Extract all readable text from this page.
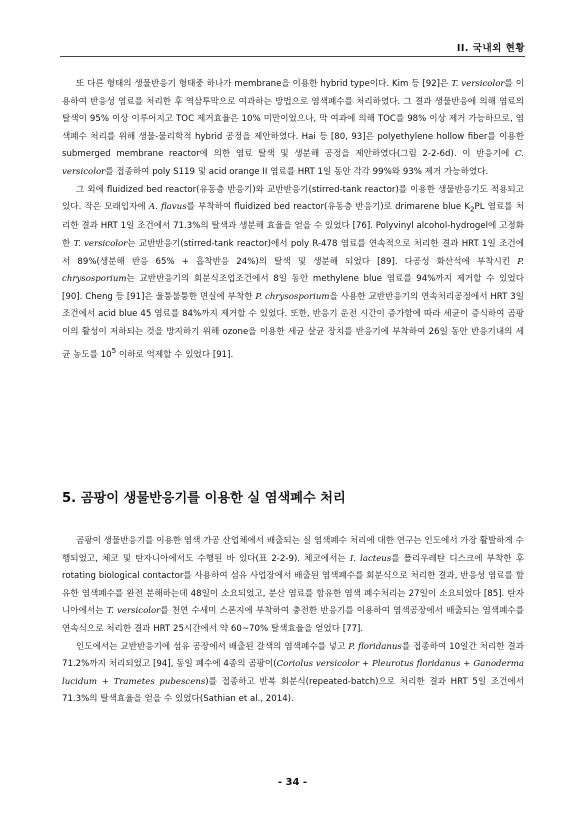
II. 국내외 현황

또 다른 형태의 생물반응기 형태중 하나가 membrane을 이용한 hybrid type이다. Kim 등 [92]은 T. versicolor를 이용하여 반응성 염료를 처리한 후 역삼투막으로 여과하는 방법으로 염색폐수를 처리하였다. 그 결과 생물반응에 의해 염료의 탈색이 95% 이상 이루어지고 TOC 제거효율은 10% 미만이었으나, 막 여과에 의해 TOC를 98% 이상 제거 가능하므로, 염색폐수 처리를 위해 생물-물리학적 hybrid 공정을 제안하였다. Hai 등 [80, 93]은 polyethylene hollow fiber를 이용한 submerged membrane reactor에 의한 염료 탈색 및 생분해 공정을 제안하였다(그림 2-2-6d). 이 반응기에 C. versicolor를 접종하여 poly S119 및 acid orange II 염료를 HRT 1일 동안 각각 99%와 93% 제거 가능하였다.

그 외에 fluidized bed reactor(유동층 반응기)와 교반반응기(stirred-tank reactor)를 이용한 생물반응기도 적용되고 있다. 작은 모래입자에 A. flavus를 부착하여 fluidized bed reactor(유동층 반응기)로 drimarene blue $K_2PL$ 염료를 처리한 결과 HRT 1일 조건에서 71.3%의 탈색과 생분해 효율을 얻을 수 있었다 [76]. Polyvinyl alcohol-hydrogel에 고정화한 T. versicolor는 교반반응기(stirred-tank reactor)에서 poly R-478 염료를 연속적으로 처리한 결과 HRT 1일 조건에서 89%(생분해 반응 65% + 흡착반응 24%)의 탈색 및 생분해 되었다 [89]. 다공성 화산석에 부착시킨 P. chrysosporium는 교반반응기의 회분식조업조건에서 8일 동안 methylene blue 염료를 94%까지 제거할 수 있었다 [90]. Cheng 등 [91]은 울퉁불퉁한 면실에 부착한 P. chrysosporium을 사용한 교반반응기의 연속처리공정에서 HRT 3일 조건에서 acid blue 45 염료를 84%까지 제거할 수 있었다. 또한, 반응기 운전 시간이 증가함에 따라 세균이 증식하여 곰팡이의 활성이 저하되는 것을 방지하기 위해 ozone을 이용한 세균 살균 장치를 반응기에 부착하여 26일 동안 반응기내의 세균 농도를 $10^5$ 이하로 억제할 수 있었다 [91].

5. 곰팡이 생물반응기를 이용한 실 염색폐수 처리

곰팡이 생물반응기를 이용한 염색 가공 산업체에서 배출되는 실 염색폐수 처리에 대한 연구는 인도에서 가장 활발하게 수행되었고, 체코 및 탄자니아에서도 수행된 바 있다(표 2-2-9). 체코에서는 I. lacteus를 폴리우레탄 디스크에 부착한 후 rotating biological contactor를 사용하여 섬유 사업장에서 배출된 염색폐수를 회분식으로 처리한 결과, 반응성 염료를 함유한 염색폐수를 완전 분해하는데 48일이 소요되었고, 분산 염료를 함유한 염색 폐수처리는 27일이 소요되었다 [85]. 탄자니아에서는 T. versicolor를 천연 수세미 스폰지에 부착하여 충전한 반응기를 이용하여 염색공장에서 배출되는 염색폐수를 연속식으로 처리한 결과 HRT 25시간에서 약 60~70% 탈색효율을 얻었다 [77].

인도에서는 교반반응기에 섬유 공장에서 배출된 갈색의 염색폐수를 넣고 P. floridanus를 접종하여 10일간 처리한 결과 71.2%까지 처리되었고 [94], 동일 폐수에 4종의 곰팡이(Coriolus versicolor + Pleurotus floridanus + Ganoderma lucidum + Trametes pubescens)를 접종하고 반복 회분식(repeated-batch)으로 처리한 결과 HRT 5일 조건에서 71.3%의 탈색효율을 얻을 수 있었다(Sathian et al., 2014).

- 34 -
